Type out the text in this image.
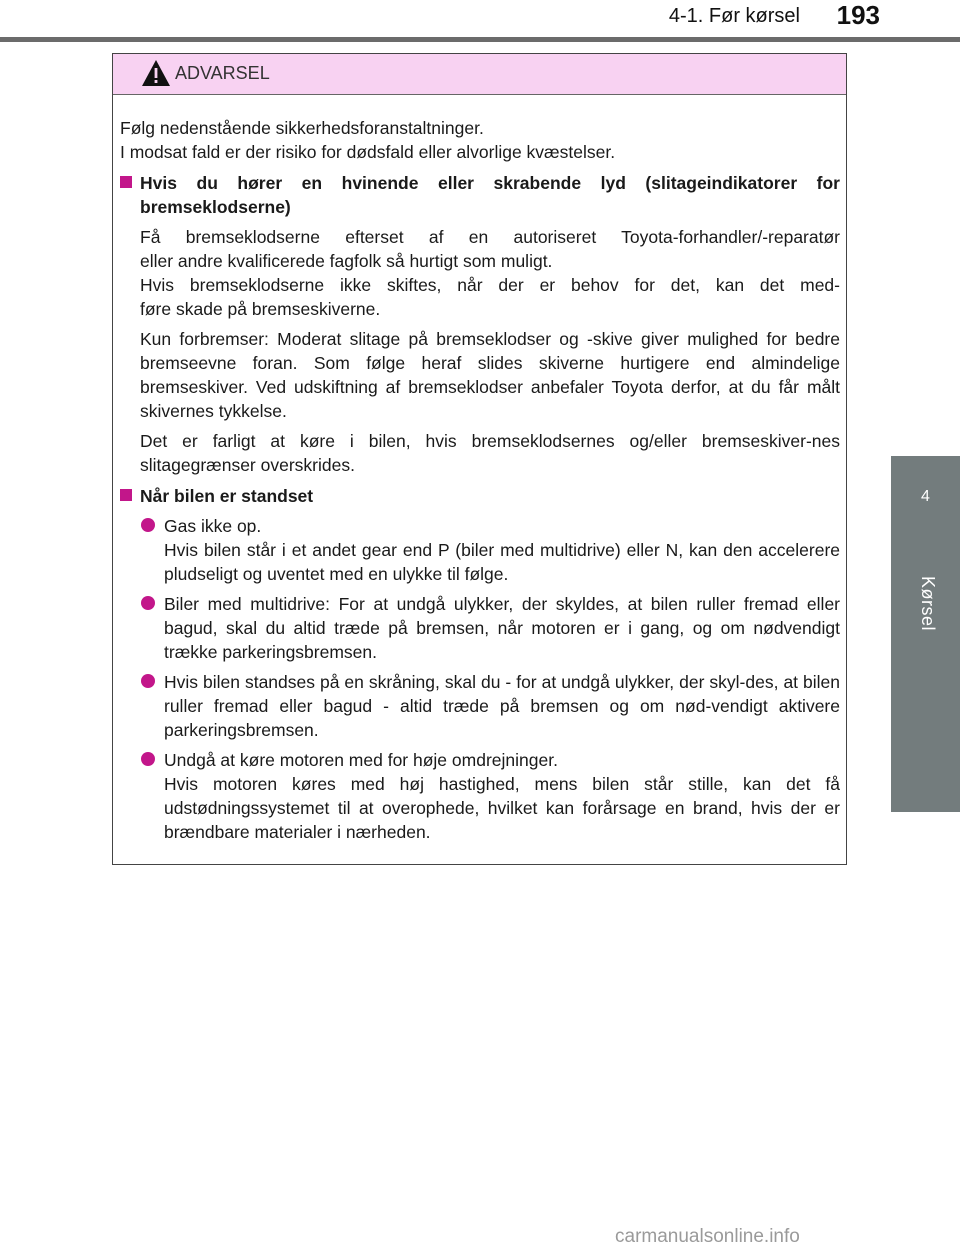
4-1. Før kørsel 193
4
Kørsel
ADVARSEL

Følg nedenstående sikkerhedsforanstaltninger.

I modsat fald er der risiko for dødsfald eller alvorlige kvæstelser.

Hvis du hører en hvinende eller skrabende lyd (slitageindikatorer for bremseklodserne)

Få bremseklodserne efterset af en autoriseret Toyota-forhandler/-reparatør
eller andre kvalificerede fagfolk så hurtigt som muligt.
Hvis bremseklodserne ikke skiftes, når der er behov for det, kan det med-
føre skade på bremseskiverne.

Kun forbremser: Moderat slitage på bremseklodser og -skive giver mulighed for bedre bremseevne foran. Som følge heraf slides skiverne hurtigere end almindelige bremseskiver. Ved udskiftning af bremseklodser anbefaler Toyota derfor, at du får målt skivernes tykkelse.

Det er farligt at køre i bilen, hvis bremseklodsernes og/eller bremseskiver-nes slitagegrænser overskrides.

Når bilen er standset

Gas ikke op.
Hvis bilen står i et andet gear end P (biler med multidrive) eller N, kan den accelerere pludseligt og uventet med en ulykke til følge.
Biler med multidrive: For at undgå ulykker, der skyldes, at bilen ruller fremad eller bagud, skal du altid træde på bremsen, når motoren er i gang, og om nødvendigt trække parkeringsbremsen.
Hvis bilen standses på en skråning, skal du - for at undgå ulykker, der skyl-des, at bilen ruller fremad eller bagud - altid træde på bremsen og om nød-vendigt aktivere parkeringsbremsen.
Undgå at køre motoren med for høje omdrejninger.
Hvis motoren køres med høj hastighed, mens bilen står stille, kan det få udstødningssystemet til at overophede, hvilket kan forårsage en brand, hvis der er brændbare materialer i nærheden.
carmanualsonline.info
